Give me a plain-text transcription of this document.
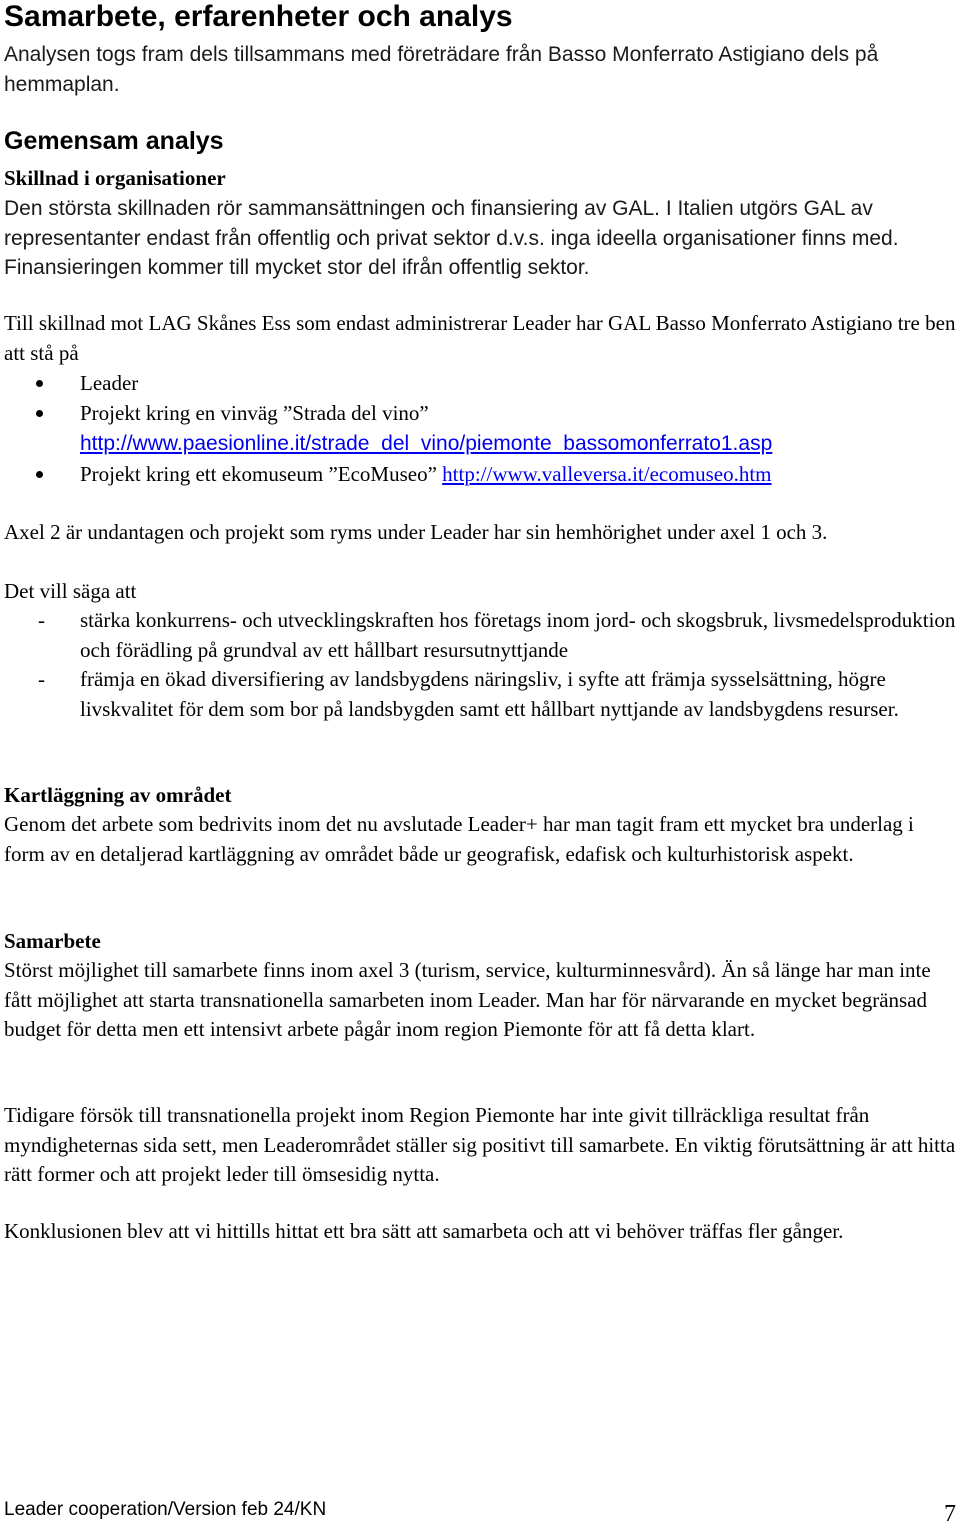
Samarbete, erfarenheter och analys

Analysen togs fram dels tillsammans med företrädare från Basso Monferrato Astigiano dels på hemmaplan.

Gemensam analys

Skillnad i organisationer

Den största skillnaden rör sammansättningen och finansiering av GAL. I Italien utgörs GAL av representanter endast från offentlig och privat sektor d.v.s. inga ideella organisationer finns med. Finansieringen kommer till mycket stor del ifrån offentlig sektor.

Till skillnad mot LAG Skånes Ess som endast administrerar Leader har GAL Basso Monferrato Astigiano tre ben att stå på

Leader
Projekt kring en vinväg ”Strada del vino”
http://www.paesionline.it/strade_del_vino/piemonte_bassomonferrato1.asp
Projekt kring ett ekomuseum ”EcoMuseo” http://www.valleversa.it/ecomuseo.htm

Axel 2 är undantagen och projekt som ryms under Leader har sin hemhörighet under axel 1 och 3.

Det vill säga att

- stärka konkurrens- och utvecklingskraften hos företags inom jord- och skogsbruk, livsmedelsproduktion och förädling på grundval av ett hållbart resursutnyttjande
- främja en ökad diversifiering av landsbygdens näringsliv, i syfte att främja sysselsättning, högre livskvalitet för dem som bor på landsbygden samt ett hållbart nyttjande av landsbygdens resurser.

Kartläggning av området

Genom det arbete som bedrivits inom det nu avslutade Leader+ har man tagit fram ett mycket bra underlag i form av en detaljerad kartläggning av området både ur geografisk, edafisk och kulturhistorisk aspekt.

Samarbete

Störst möjlighet till samarbete finns inom axel 3 (turism, service, kulturminnesvård). Än så länge har man inte fått möjlighet att starta transnationella samarbeten inom Leader. Man har för närvarande en mycket begränsad budget för detta men ett intensivt arbete pågår inom region Piemonte för att få detta klart.

Tidigare försök till transnationella projekt inom Region Piemonte har inte givit tillräckliga resultat från myndigheternas sida sett, men Leaderområdet ställer sig positivt till samarbete. En viktig förutsättning är att hitta rätt former och att projekt leder till ömsesidig nytta.

Konklusionen blev att vi hittills hittat ett bra sätt att samarbeta och att vi behöver träffas fler gånger.

Leader cooperation/Version feb 24/KN	7
